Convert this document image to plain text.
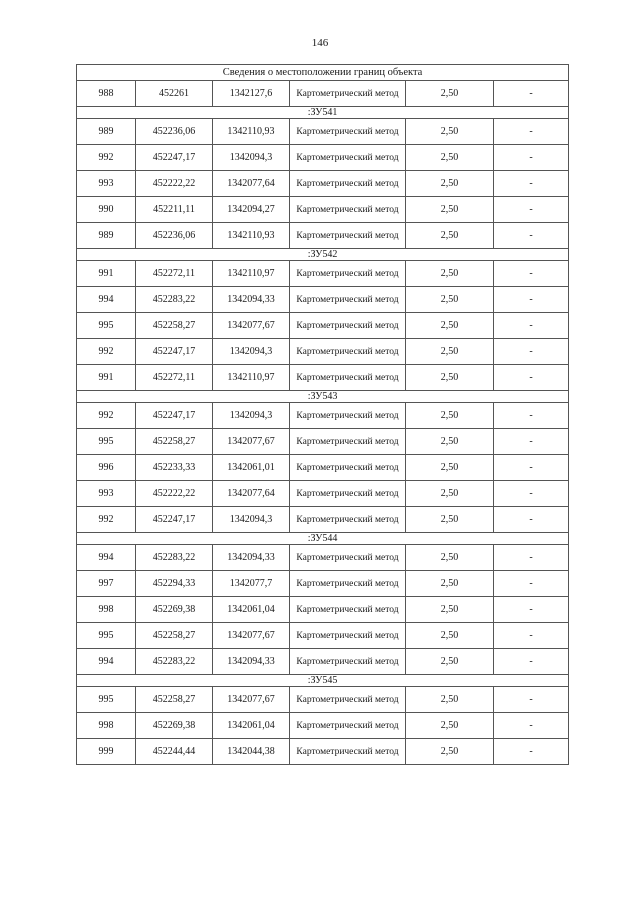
146
Сведения о местоположении границ объекта					
988	452261	1342127,6	Картометрический метод	2,50	-
:ЗУ541					
989	452236,06	1342110,93	Картометрический метод	2,50	-
992	452247,17	1342094,3	Картометрический метод	2,50	-
993	452222,22	1342077,64	Картометрический метод	2,50	-
990	452211,11	1342094,27	Картометрический метод	2,50	-
989	452236,06	1342110,93	Картометрический метод	2,50	-
:ЗУ542					
991	452272,11	1342110,97	Картометрический метод	2,50	-
994	452283,22	1342094,33	Картометрический метод	2,50	-
995	452258,27	1342077,67	Картометрический метод	2,50	-
992	452247,17	1342094,3	Картометрический метод	2,50	-
991	452272,11	1342110,97	Картометрический метод	2,50	-
:ЗУ543					
992	452247,17	1342094,3	Картометрический метод	2,50	-
995	452258,27	1342077,67	Картометрический метод	2,50	-
996	452233,33	1342061,01	Картометрический метод	2,50	-
993	452222,22	1342077,64	Картометрический метод	2,50	-
992	452247,17	1342094,3	Картометрический метод	2,50	-
:ЗУ544					
994	452283,22	1342094,33	Картометрический метод	2,50	-
997	452294,33	1342077,7	Картометрический метод	2,50	-
998	452269,38	1342061,04	Картометрический метод	2,50	-
995	452258,27	1342077,67	Картометрический метод	2,50	-
994	452283,22	1342094,33	Картометрический метод	2,50	-
:ЗУ545					
995	452258,27	1342077,67	Картометрический метод	2,50	-
998	452269,38	1342061,04	Картометрический метод	2,50	-
999	452244,44	1342044,38	Картометрический метод	2,50	-
